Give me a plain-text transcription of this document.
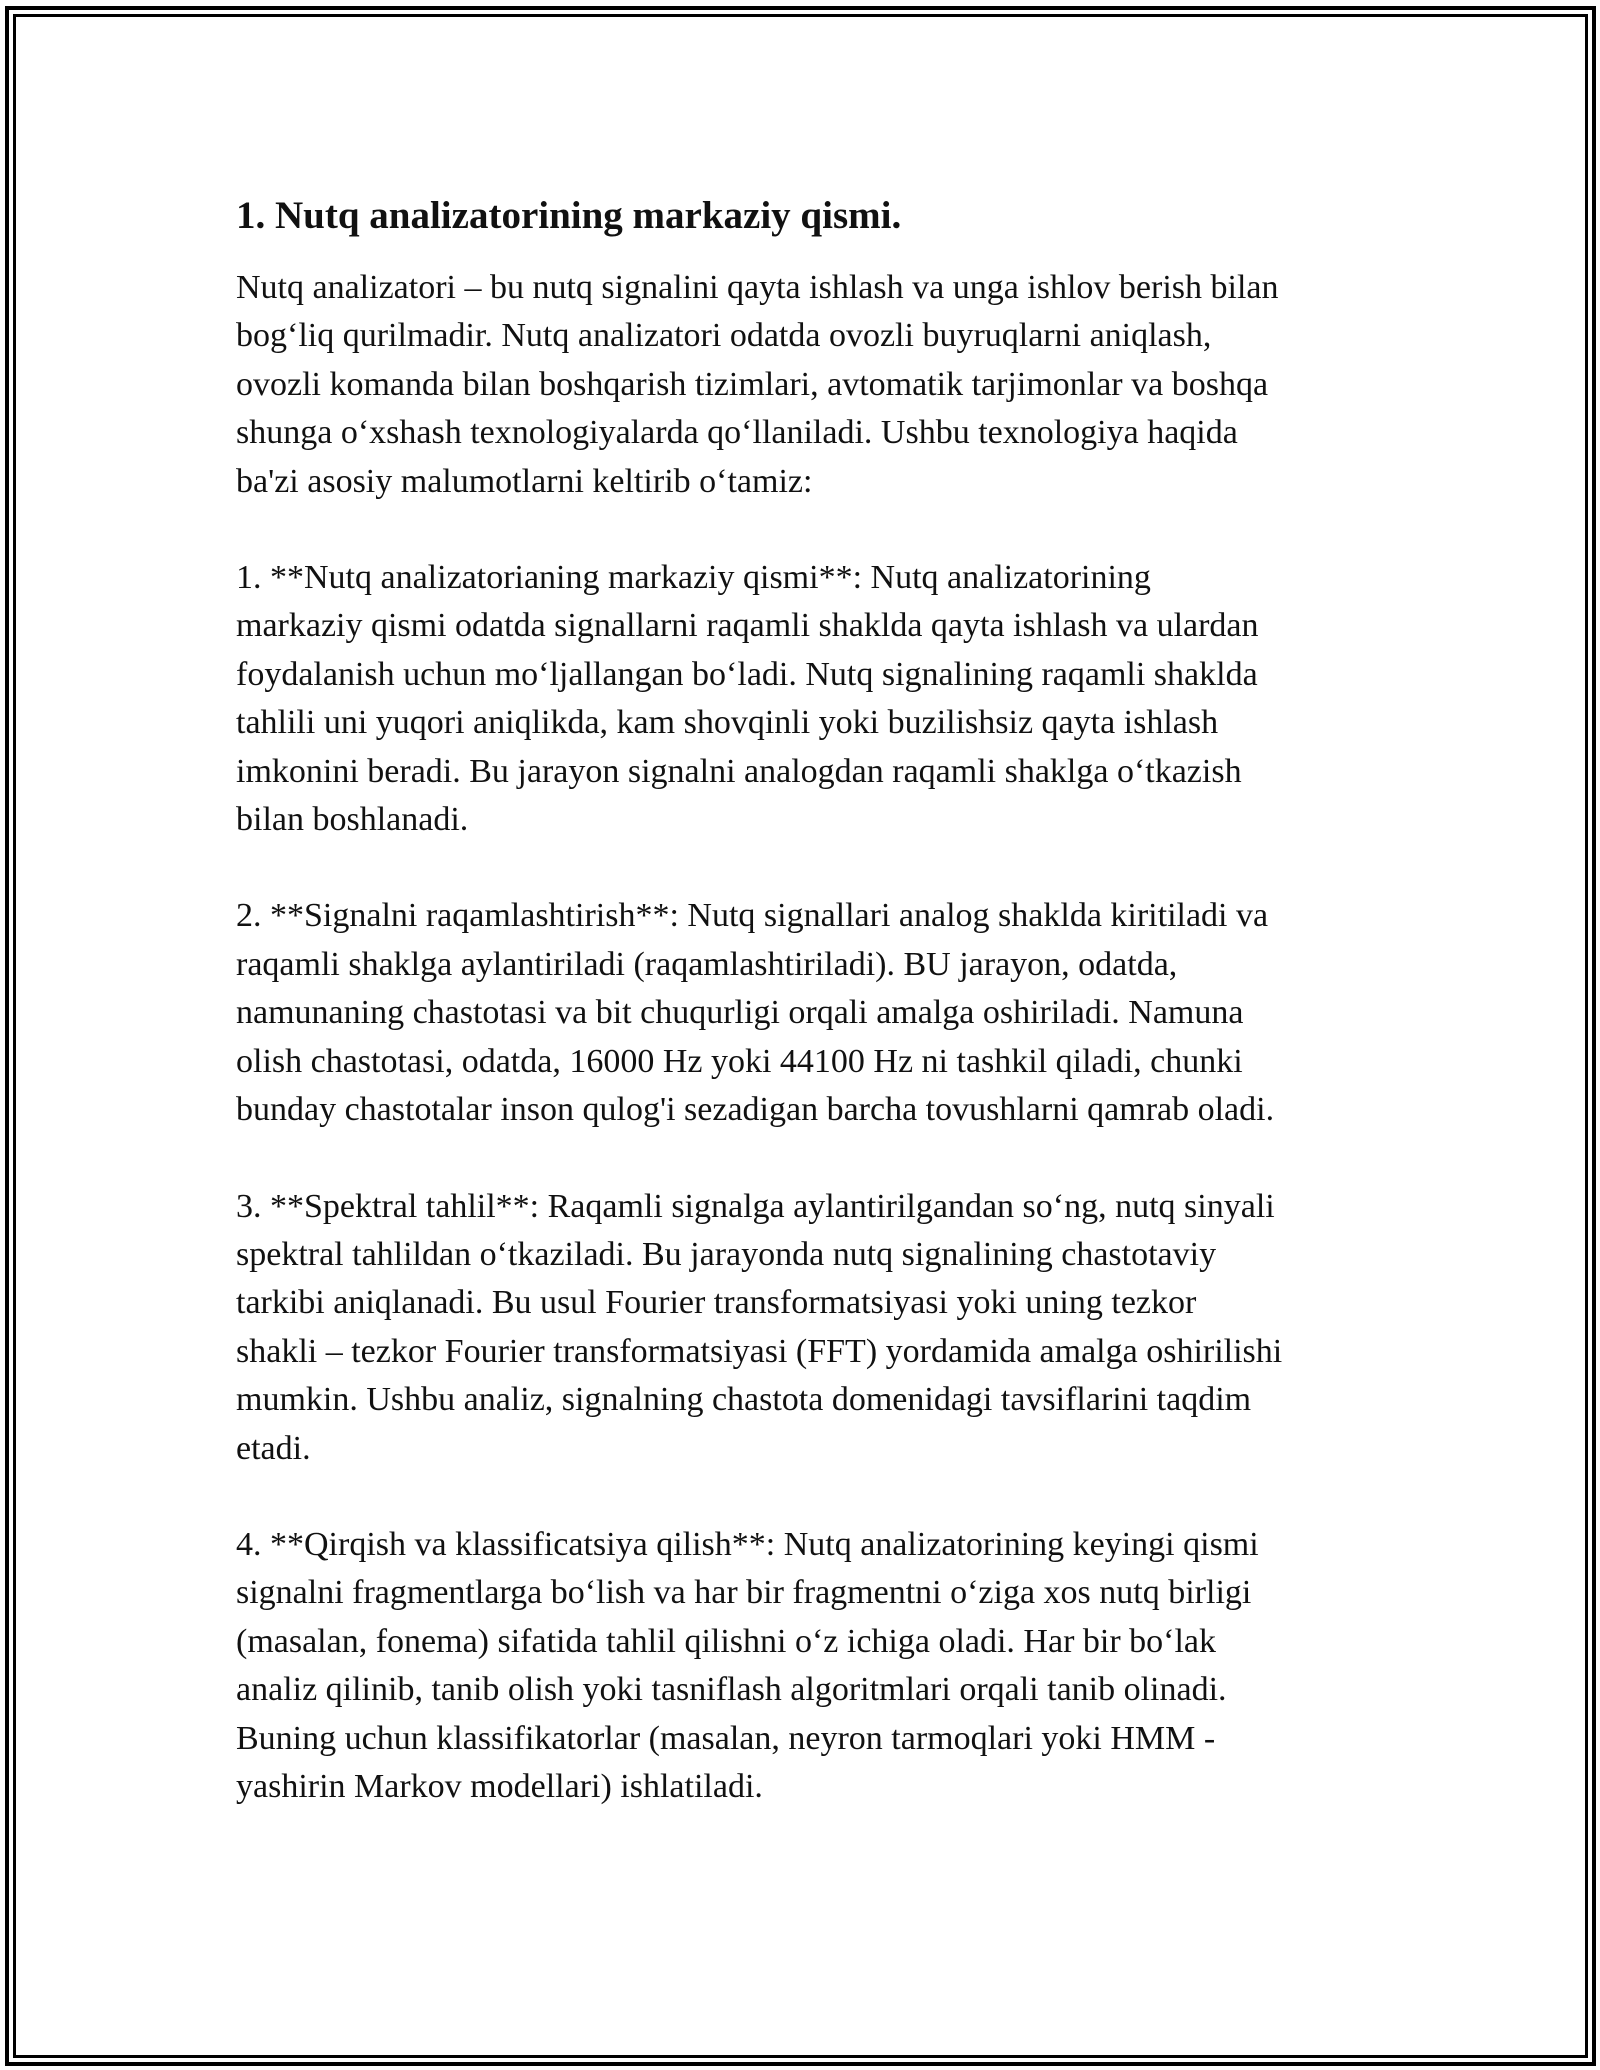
1. Nutq analizatorining markaziy qismi.

Nutq analizatori – bu nutq signalini qayta ishlash va unga ishlov berish bilan
bog‘liq qurilmadir. Nutq analizatori odatda ovozli buyruqlarni aniqlash,
ovozli komanda bilan boshqarish tizimlari, avtomatik tarjimonlar va boshqa
shunga o‘xshash texnologiyalarda qo‘llaniladi. Ushbu texnologiya haqida
ba'zi asosiy malumotlarni keltirib o‘tamiz:

1. **Nutq analizatorianing markaziy qismi**: Nutq analizatorining
markaziy qismi odatda signallarni raqamli shaklda qayta ishlash va ulardan
foydalanish uchun mo‘ljallangan bo‘ladi. Nutq signalining raqamli shaklda
tahlili uni yuqori aniqlikda, kam shovqinli yoki buzilishsiz qayta ishlash
imkonini beradi. Bu jarayon signalni analogdan raqamli shaklga o‘tkazish
bilan boshlanadi.

2. **Signalni raqamlashtirish**: Nutq signallari analog shaklda kiritiladi va
raqamli shaklga aylantiriladi (raqamlashtiriladi). BU jarayon, odatda,
namunaning chastotasi va bit chuqurligi orqali amalga oshiriladi. Namuna
olish chastotasi, odatda, 16000 Hz yoki 44100 Hz ni tashkil qiladi, chunki
bunday chastotalar inson qulog'i sezadigan barcha tovushlarni qamrab oladi.

3. **Spektral tahlil**: Raqamli signalga aylantirilgandan so‘ng, nutq sinyali
spektral tahlildan o‘tkaziladi. Bu jarayonda nutq signalining chastotaviy
tarkibi aniqlanadi. Bu usul Fourier transformatsiyasi yoki uning tezkor
shakli – tezkor Fourier transformatsiyasi (FFT) yordamida amalga oshirilishi
mumkin. Ushbu analiz, signalning chastota domenidagi tavsiflarini taqdim
etadi.

4. **Qirqish va klassificatsiya qilish**: Nutq analizatorining keyingi qismi
signalni fragmentlarga bo‘lish va har bir fragmentni o‘ziga xos nutq birligi
(masalan, fonema) sifatida tahlil qilishni o‘z ichiga oladi. Har bir bo‘lak
analiz qilinib, tanib olish yoki tasniflash algoritmlari orqali tanib olinadi.
Buning uchun klassifikatorlar (masalan, neyron tarmoqlari yoki HMM -
yashirin Markov modellari) ishlatiladi.
